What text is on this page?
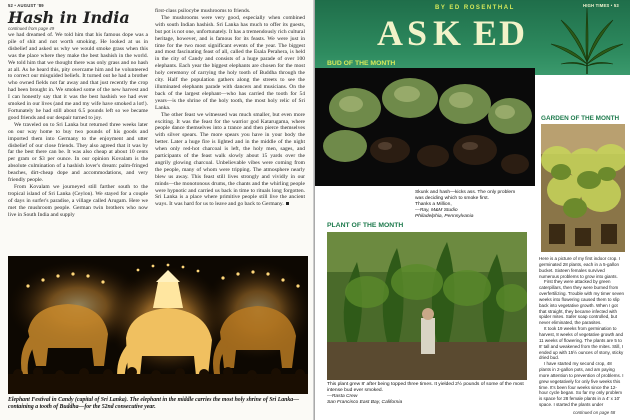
52 • AUGUST '89
Hash in India
continued from page 49

we had dreamed of. We told him that his famous dope was a pile of shit and not worth smoking. He looked at us in disbelief and asked us why we would smoke grass when this was the place where they make the best hashish in the world. We told him that we thought there was only grass and no hash at all. As he heard this, pity overcame him and he volunteered to correct our misguided beliefs. It turned out he had a brother who owned fields not far away and that just recently the crop had been brought in. We smoked some of the new harvest and I can honestly say that it was the best hashish we had ever smoked in our lives (and me and my wife have smoked a lot!). Fortunately he had still about 6.5 pounds left so we became good friends and our despair turned to joy.

We traveled on to Sri Lanka but returned three weeks later on our way home to buy two pounds of his goods and imported them into Germany to the enjoyment and utter disbelief of our close friends. They also agreed that it was by far the best there can be. It was also cheap at about 10 cents per gram or $3 per ounce. In our opinion Kovalam is the absolute culmination of a hashish lover's dream: palm-fringed beaches, dirt-cheap dope and accommodations, and very friendly people.

From Kovalam we journeyed still farther south to the tropical island of Sri Lanka (Ceylon). We stayed for a couple of days in surfer's paradise, a village called Arugam. Here we met the mushroom people. German twin brothers who now live in South India and supply

first-class psilocybe mushrooms to friends.

The mushrooms were very good, especially when combined with south Indian hashish. Sri Lanka has much to offer its guests, but pot is not one, unfortunately. It has a tremendously rich cultural heritage, however, and is famous for its feasts. We were just in time for the two most significant events of the year. The biggest and most fascinating feast of all, called the Esala Perahera, is held in the city of Candy and consists of a huge parade of over 100 elephants. Each year the biggest elephants are chosen for the most holy ceremony of carrying the holy tooth of Buddha through the city. Half the population gathers along the streets to see the illuminated elephants parade with dancers and musicians. On the back of the largest elephant—who has carried the tooth for 54 years—is the shrine of the holy tooth, the most holy relic of Sri Lanka.

The other feast we witnessed was much smaller, but even more exciting. It was the feast for the warrior god Katarugama, where people dance themselves into a trance and then pierce themselves with silver spears. The more spears you have in your body the better. Later a huge fire is lighted and in the middle of the night when only red-hot charcoal is left, the holy men, sages, and participants of the feast walk slowly about 15 yards over the angrily glowing charcoal. Unbelievable vibes were coming from the people, many of whom were tripping. The atmosphere nearly blew us away. This feast still lives strongly and vividly in our minds—the monotonous drums, the chants and the whirling people were hypnotic and carried us back in time to rituals long forgotten. Sri Lanka is a place where primitive people still live the ancient ways. It was hard for us to leave and go back to Germany.

Elephant Festival in Candy (capital of Sri Lanka). The elephant in the middle carries the most holy shrine of Sri Lanka—containing a tooth of Buddha—for the 52nd consecutive year.
BY ED ROSENTHAL
A S K E D
HIGH TIMES • 53
BUD OF THE MONTH
Skunk and hash—kicks ass. The only problem was deciding which to smoke first.
Thanks a Million,
—Ray, M&M Studio
Philadelphia, Pennsylvania
GARDEN OF THE MONTH
PLANT OF THE MONTH
This plant grew 8' after being topped three times. It yielded 2½ pounds of some of the most intense bud ever smoked.
—Rasta Crew
San Francisco East Bay, California

Here is a picture of my first indoor crop. I germinated 28 plants, each in a 5-gallon bucket. Sixteen females survived numerous problems to grow into giants.

First they were attacked by green caterpillars, then they were burned from overfertilizing. Trouble with my timer seven weeks into flowering caused them to slip back into vegetative growth. When I got that straight, they became infected with spider mites. Safer soap controlled, but never eliminated, the parasites.

It took 19 weeks from germination to harvest, 8 weeks of vegetative growth and 11 weeks of flowering. The plants are 5 to 8' tall and weakened from the mites. Still, I ended up with 15½ ounces of stony, sticky dried bud.

I have started my second crop, 48 plants in 2-gallon pots, and am paying more attention to prevention of problems. I grew vegetatively for only five weeks this time. It's been four weeks since the 12-hour cycle began. So far my only problem is space for 28 female plants in a 4' x 10' space. I started the plants under

continued on page 58
